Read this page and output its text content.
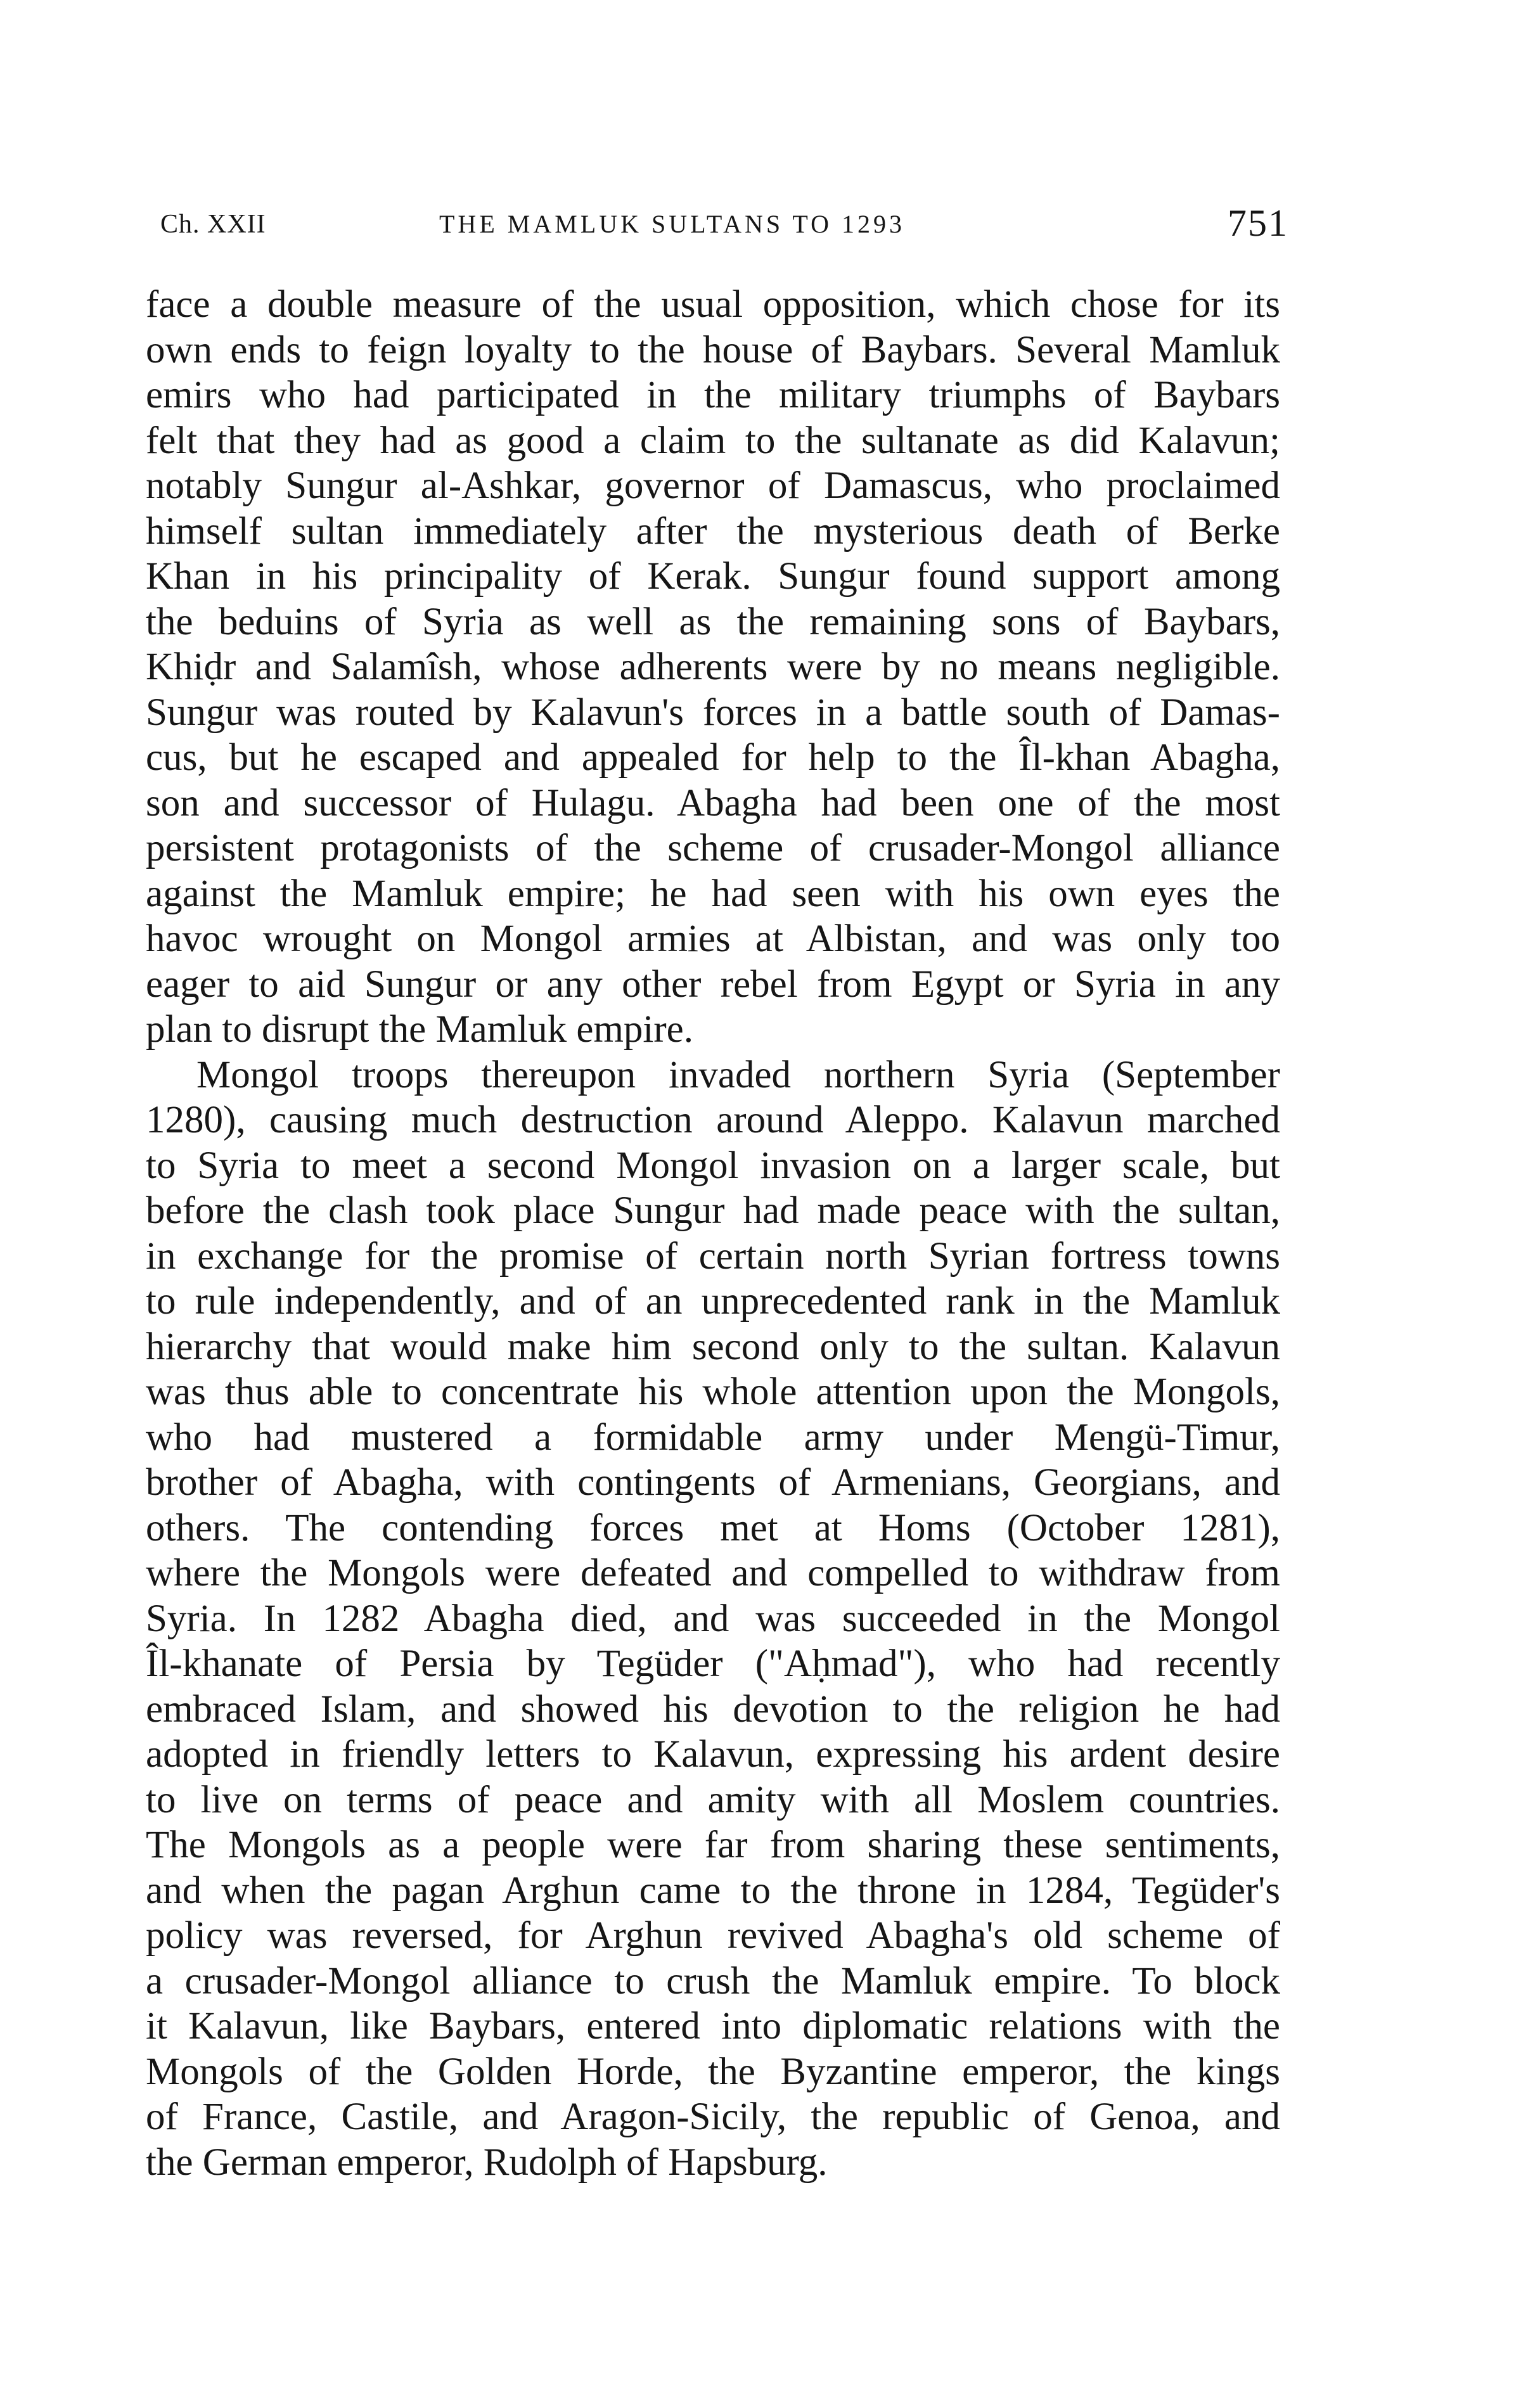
Ch. XXII	THE MAMLUK SULTANS TO 1293	751
face a double measure of the usual opposition, which chose for its
own ends to feign loyalty to the house of Baybars. Several Mamluk
emirs who had participated in the military triumphs of Baybars
felt that they had as good a claim to the sultanate as did Kalavun;
notably Sungur al-Ashkar, governor of Damascus, who proclaimed
himself sultan immediately after the mysterious death of Berke
Khan in his principality of Kerak. Sungur found support among
the beduins of Syria as well as the remaining sons of Baybars,
Khiḍr and Salamîsh, whose adherents were by no means negligible.
Sungur was routed by Kalavun's forces in a battle south of Damas-
cus, but he escaped and appealed for help to the Îl-khan Abagha,
son and successor of Hulagu. Abagha had been one of the most
persistent protagonists of the scheme of crusader-Mongol alliance
against the Mamluk empire; he had seen with his own eyes the
havoc wrought on Mongol armies at Albistan, and was only too
eager to aid Sungur or any other rebel from Egypt or Syria in any
plan to disrupt the Mamluk empire.
Mongol troops thereupon invaded northern Syria (September
1280), causing much destruction around Aleppo. Kalavun marched
to Syria to meet a second Mongol invasion on a larger scale, but
before the clash took place Sungur had made peace with the sultan,
in exchange for the promise of certain north Syrian fortress towns
to rule independently, and of an unprecedented rank in the Mamluk
hierarchy that would make him second only to the sultan. Kalavun
was thus able to concentrate his whole attention upon the Mongols,
who had mustered a formidable army under Mengü-Timur,
brother of Abagha, with contingents of Armenians, Georgians, and
others. The contending forces met at Homs (October 1281),
where the Mongols were defeated and compelled to withdraw from
Syria. In 1282 Abagha died, and was succeeded in the Mongol
Îl-khanate of Persia by Tegüder ("Aḥmad"), who had recently
embraced Islam, and showed his devotion to the religion he had
adopted in friendly letters to Kalavun, expressing his ardent desire
to live on terms of peace and amity with all Moslem countries.
The Mongols as a people were far from sharing these sentiments,
and when the pagan Arghun came to the throne in 1284, Tegüder's
policy was reversed, for Arghun revived Abagha's old scheme of
a crusader-Mongol alliance to crush the Mamluk empire. To block
it Kalavun, like Baybars, entered into diplomatic relations with the
Mongols of the Golden Horde, the Byzantine emperor, the kings
of France, Castile, and Aragon-Sicily, the republic of Genoa, and
the German emperor, Rudolph of Hapsburg.
